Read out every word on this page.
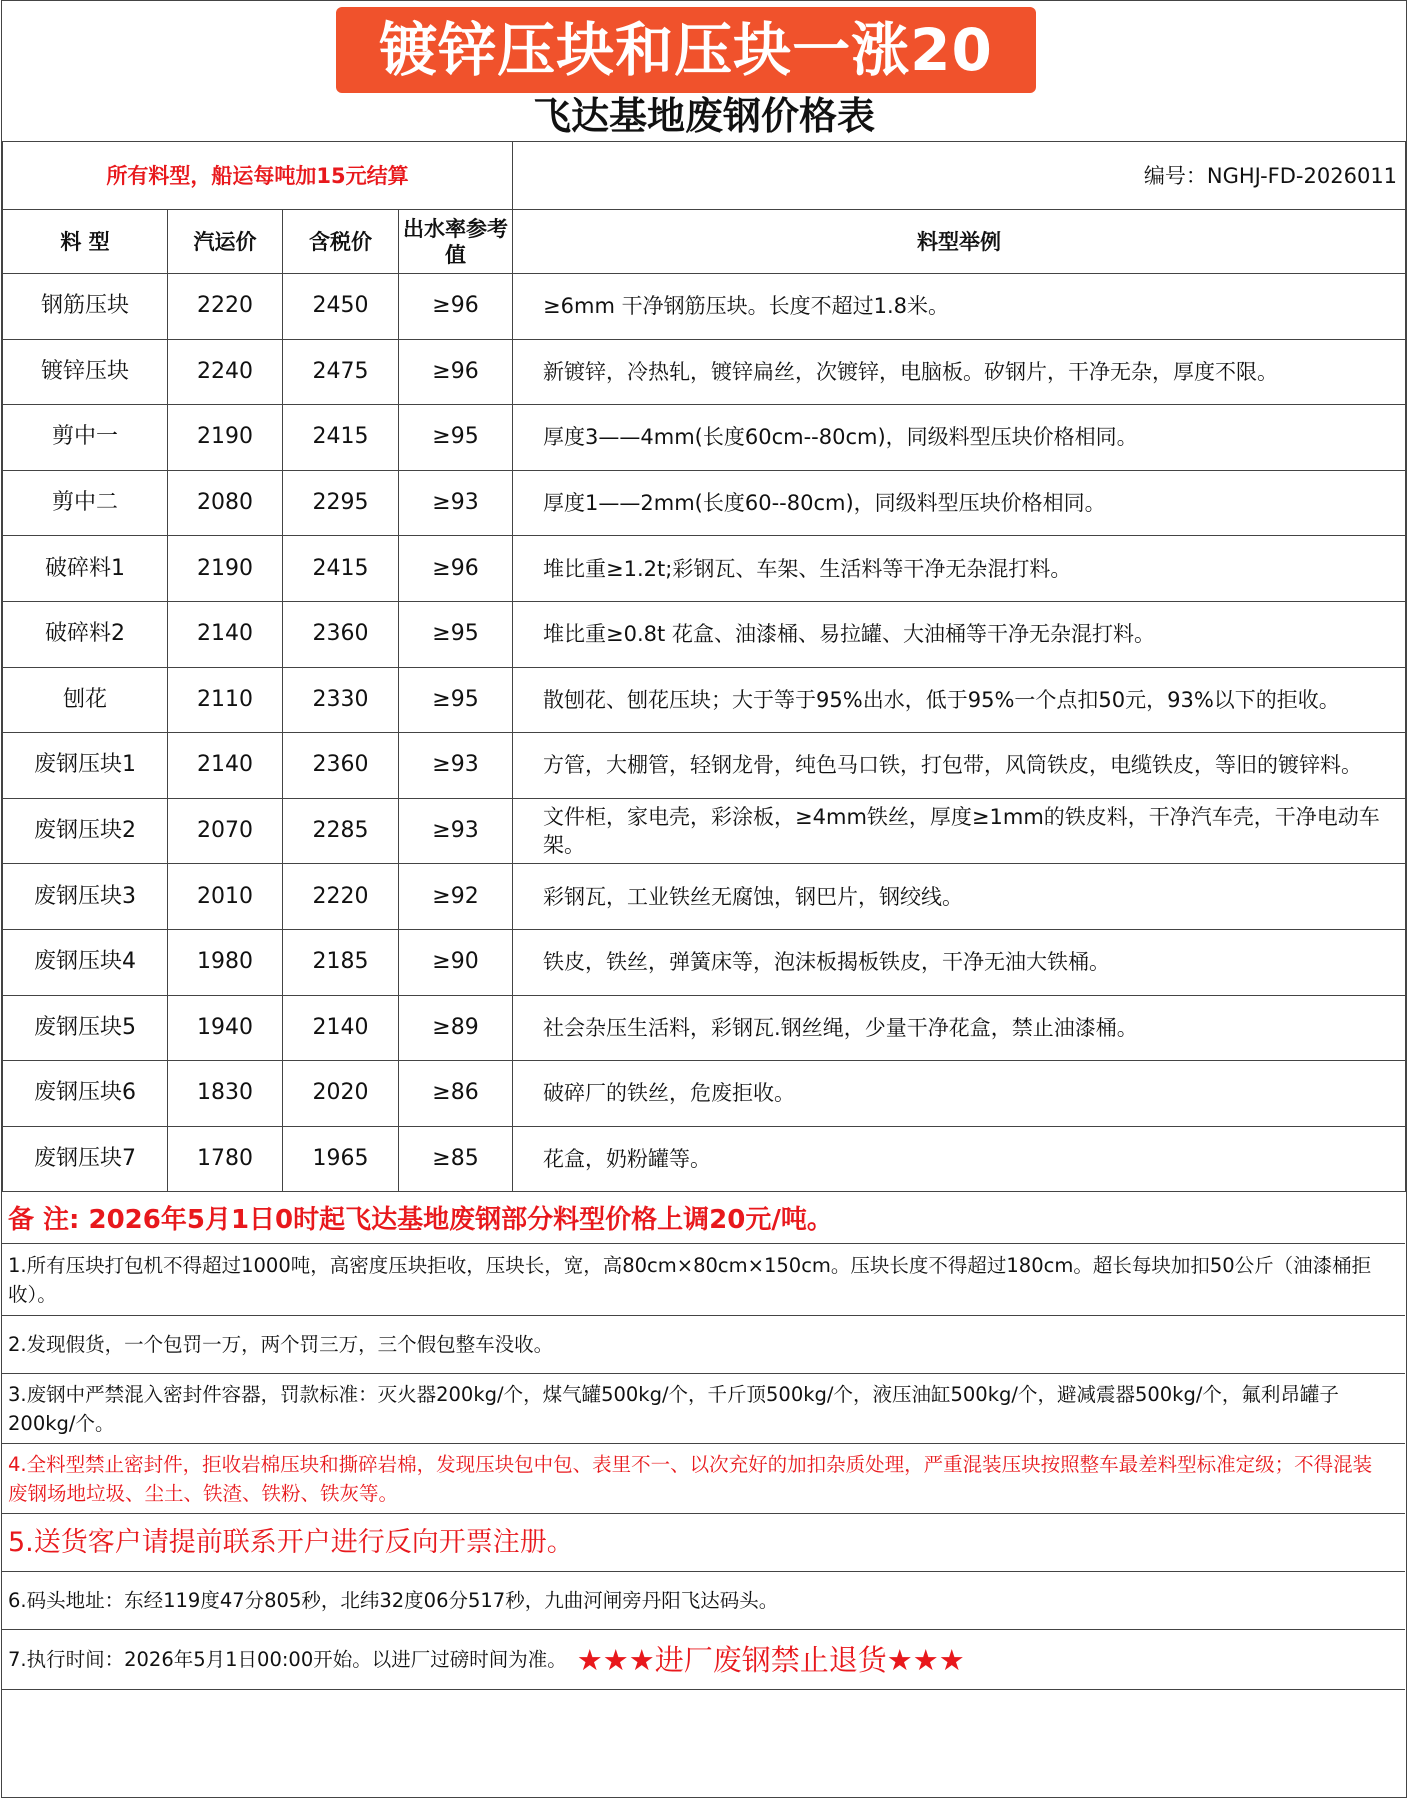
镀锌压块和压块一涨20
飞达基地废钢价格表
所有料型，船运每吨加15元结算				编号：NGHJ-FD-2026011
料 型	汽运价	含税价	出水率参考值	料型举例
钢筋压块	2220	2450	≥96	≥6mm 干净钢筋压块。长度不超过1.8米。
镀锌压块	2240	2475	≥96	新镀锌，冷热轧，镀锌扁丝，次镀锌，电脑板。矽钢片，干净无杂，厚度不限。
剪中一	2190	2415	≥95	厚度3——4mm(长度60cm--80cm)，同级料型压块价格相同。
剪中二	2080	2295	≥93	厚度1——2mm(长度60--80cm)，同级料型压块价格相同。
破碎料1	2190	2415	≥96	堆比重≥1.2t;彩钢瓦、车架、生活料等干净无杂混打料。
破碎料2	2140	2360	≥95	堆比重≥0.8t 花盒、油漆桶、易拉罐、大油桶等干净无杂混打料。
刨花	2110	2330	≥95	散刨花、刨花压块；大于等于95%出水，低于95%一个点扣50元，93%以下的拒收。
废钢压块1	2140	2360	≥93	方管，大棚管，轻钢龙骨，纯色马口铁，打包带，风筒铁皮，电缆铁皮，等旧的镀锌料。
废钢压块2	2070	2285	≥93	文件柜，家电壳，彩涂板，≥4mm铁丝，厚度≥1mm的铁皮料，干净汽车壳，干净电动车架。
废钢压块3	2010	2220	≥92	彩钢瓦，工业铁丝无腐蚀，钢巴片，钢绞线。
废钢压块4	1980	2185	≥90	铁皮，铁丝，弹簧床等，泡沫板揭板铁皮，干净无油大铁桶。
废钢压块5	1940	2140	≥89	社会杂压生活料，彩钢瓦.钢丝绳，少量干净花盒，禁止油漆桶。
废钢压块6	1830	2020	≥86	破碎厂的铁丝，危废拒收。
废钢压块7	1780	1965	≥85	花盒，奶粉罐等。
备 注: 2026年5月1日0时起飞达基地废钢部分料型价格上调20元/吨。
1.所有压块打包机不得超过1000吨，高密度压块拒收，压块长，宽，高80cm×80cm×150cm。压块长度不得超过180cm。超长每块加扣50公斤（油漆桶拒收）。
2.发现假货，一个包罚一万，两个罚三万，三个假包整车没收。
3.废钢中严禁混入密封件容器，罚款标准：灭火器200kg/个，煤气罐500kg/个，千斤顶500kg/个，液压油缸500kg/个，避减震器500kg/个，氟利昂罐子200kg/个。
4.全料型禁止密封件，拒收岩棉压块和撕碎岩棉，发现压块包中包、表里不一、以次充好的加扣杂质处理，严重混装压块按照整车最差料型标准定级；不得混装废钢场地垃圾、尘土、铁渣、铁粉、铁灰等。
5.送货客户请提前联系开户进行反向开票注册。
6.码头地址：东经119度47分805秒，北纬32度06分517秒，九曲河闸旁丹阳飞达码头。
7.执行时间：2026年5月1日00:00开始。以进厂过磅时间为准。 ★★★进厂废钢禁止退货★★★
